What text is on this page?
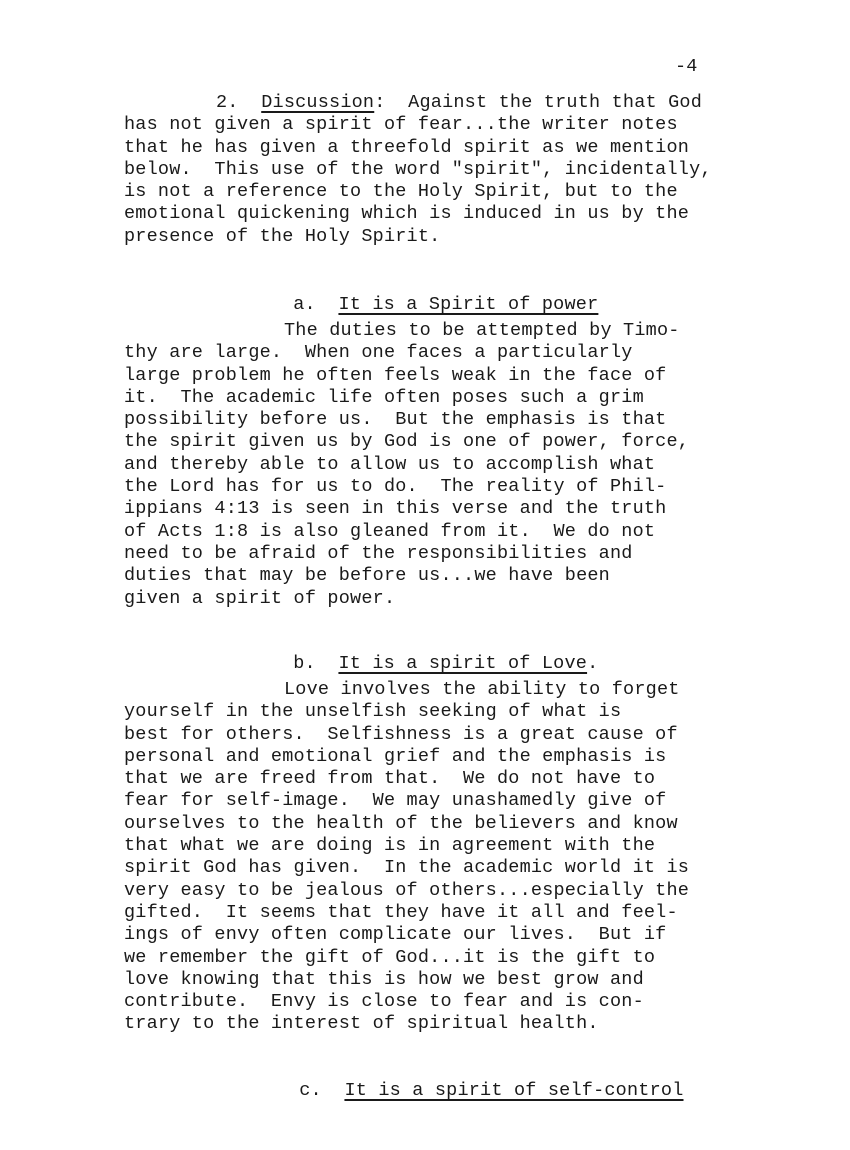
-4

2. Discussion: Against the truth that God
has not given a spirit of fear...the writer notes
that he has given a threefold spirit as we mention
below.  This use of the word "spirit", incidentally,
is not a reference to the Holy Spirit, but to the
emotional quickening which is induced in us by the
presence of the Holy Spirit.

a. It is a Spirit of power

The duties to be attempted by Timo-
thy are large.  When one faces a particularly
large problem he often feels weak in the face of
it.  The academic life often poses such a grim
possibility before us.  But the emphasis is that
the spirit given us by God is one of power, force,
and thereby able to allow us to accomplish what
the Lord has for us to do.  The reality of Phil-
ippians 4:13 is seen in this verse and the truth
of Acts 1:8 is also gleaned from it.  We do not
need to be afraid of the responsibilities and
duties that may be before us...we have been
given a spirit of power.

b. It is a spirit of Love.

Love involves the ability to forget
yourself in the unselfish seeking of what is
best for others.  Selfishness is a great cause of
personal and emotional grief and the emphasis is
that we are freed from that.  We do not have to
fear for self-image.  We may unashamedly give of
ourselves to the health of the believers and know
that what we are doing is in agreement with the
spirit God has given.  In the academic world it is
very easy to be jealous of others...especially the
gifted.  It seems that they have it all and feel-
ings of envy often complicate our lives.  But if
we remember the gift of God...it is the gift to
love knowing that this is how we best grow and
contribute.  Envy is close to fear and is con-
trary to the interest of spiritual health.

c. It is a spirit of self-control
